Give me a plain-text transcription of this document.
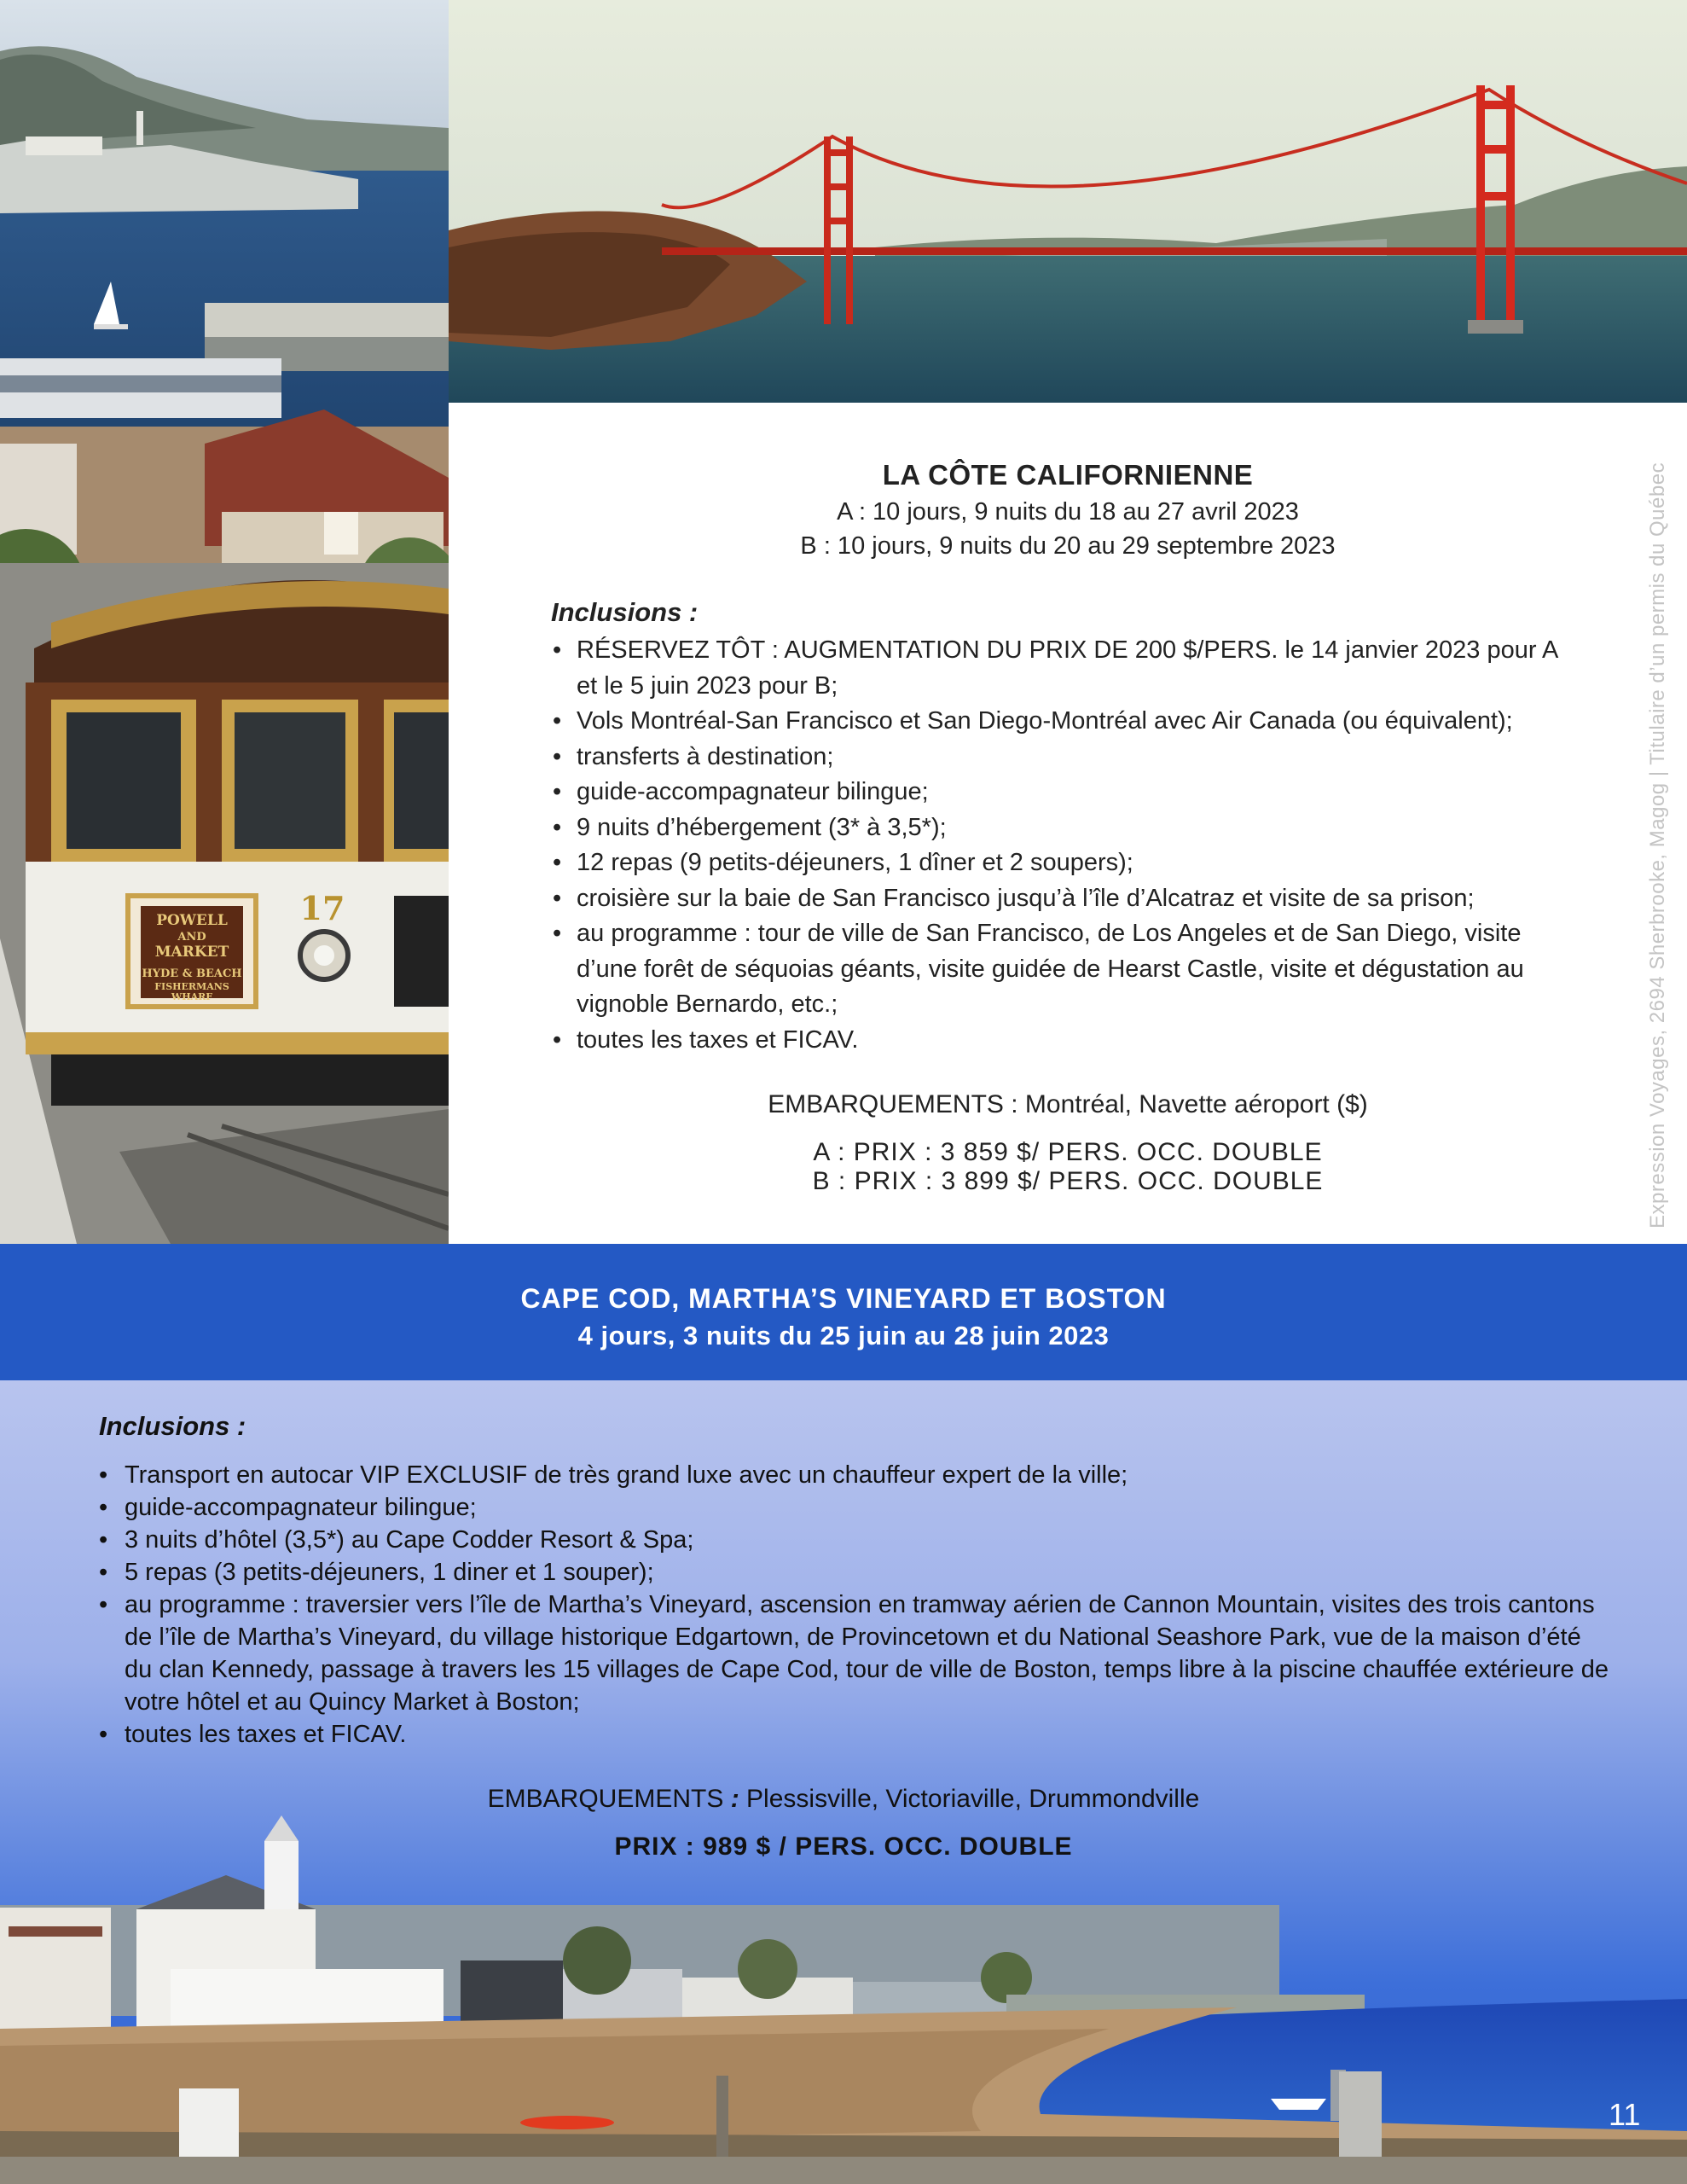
POWELL
AND
MARKET
HYDE & BEACH
FISHERMANS
WHARF
17
LA CÔTE CALIFORNIENNE
A : 10 jours, 9 nuits du 18 au 27 avril 2023
B : 10 jours, 9 nuits du 20 au 29 septembre 2023
Inclusions :
• RÉSERVEZ TÔT : AUGMENTATION DU PRIX DE 200 $/PERS. le 14 janvier 2023 pour A et le 5 juin 2023 pour B;
• Vols Montréal-San Francisco et San Diego-Montréal avec Air Canada (ou équivalent);
• transferts à destination;
• guide-accompagnateur bilingue;
• 9 nuits d’hébergement (3* à 3,5*);
• 12 repas (9 petits-déjeuners, 1 dîner et 2 soupers);
• croisière sur la baie de San Francisco jusqu’à l’île d’Alcatraz et visite de sa prison;
• au programme : tour de ville de San Francisco, de Los Angeles et de San Diego, visite d’une forêt de séquoias géants, visite guidée de Hearst Castle, visite et dégustation au vignoble Bernardo, etc.;
• toutes les taxes et FICAV.
EMBARQUEMENTS : Montréal, Navette aéroport ($)
A : PRIX : 3 859 $/ PERS. OCC. DOUBLE
B : PRIX : 3 899 $/ PERS. OCC. DOUBLE	Expression Voyages, 2694 Sherbrooke, Magog | Titulaire d’un permis du Québec
CAPE COD, MARTHA’S VINEYARD ET BOSTON
4 jours, 3 nuits du 25 juin au 28 juin 2023
Inclusions :
• Transport en autocar VIP EXCLUSIF de très grand luxe avec un chauffeur expert de la ville;
• guide-accompagnateur bilingue;
• 3 nuits d’hôtel (3,5*) au Cape Codder Resort & Spa;
• 5 repas (3 petits-déjeuners, 1 diner et 1 souper);
• au programme : traversier vers l’île de Martha’s Vineyard, ascension en tramway aérien de Cannon Mountain, visites des trois cantons de l’île de Martha’s Vineyard, du village historique Edgartown, de Provincetown et du National Seashore Park, vue de la maison d’été du clan Kennedy, passage à travers les 15 villages de Cape Cod, tour de ville de Boston, temps libre à la piscine chauffée extérieure de votre hôtel et au Quincy Market à Boston;
• toutes les taxes et FICAV.
EMBARQUEMENTS : Plessisville, Victoriaville, Drummondville
PRIX : 989 $ / PERS. OCC. DOUBLE
11
